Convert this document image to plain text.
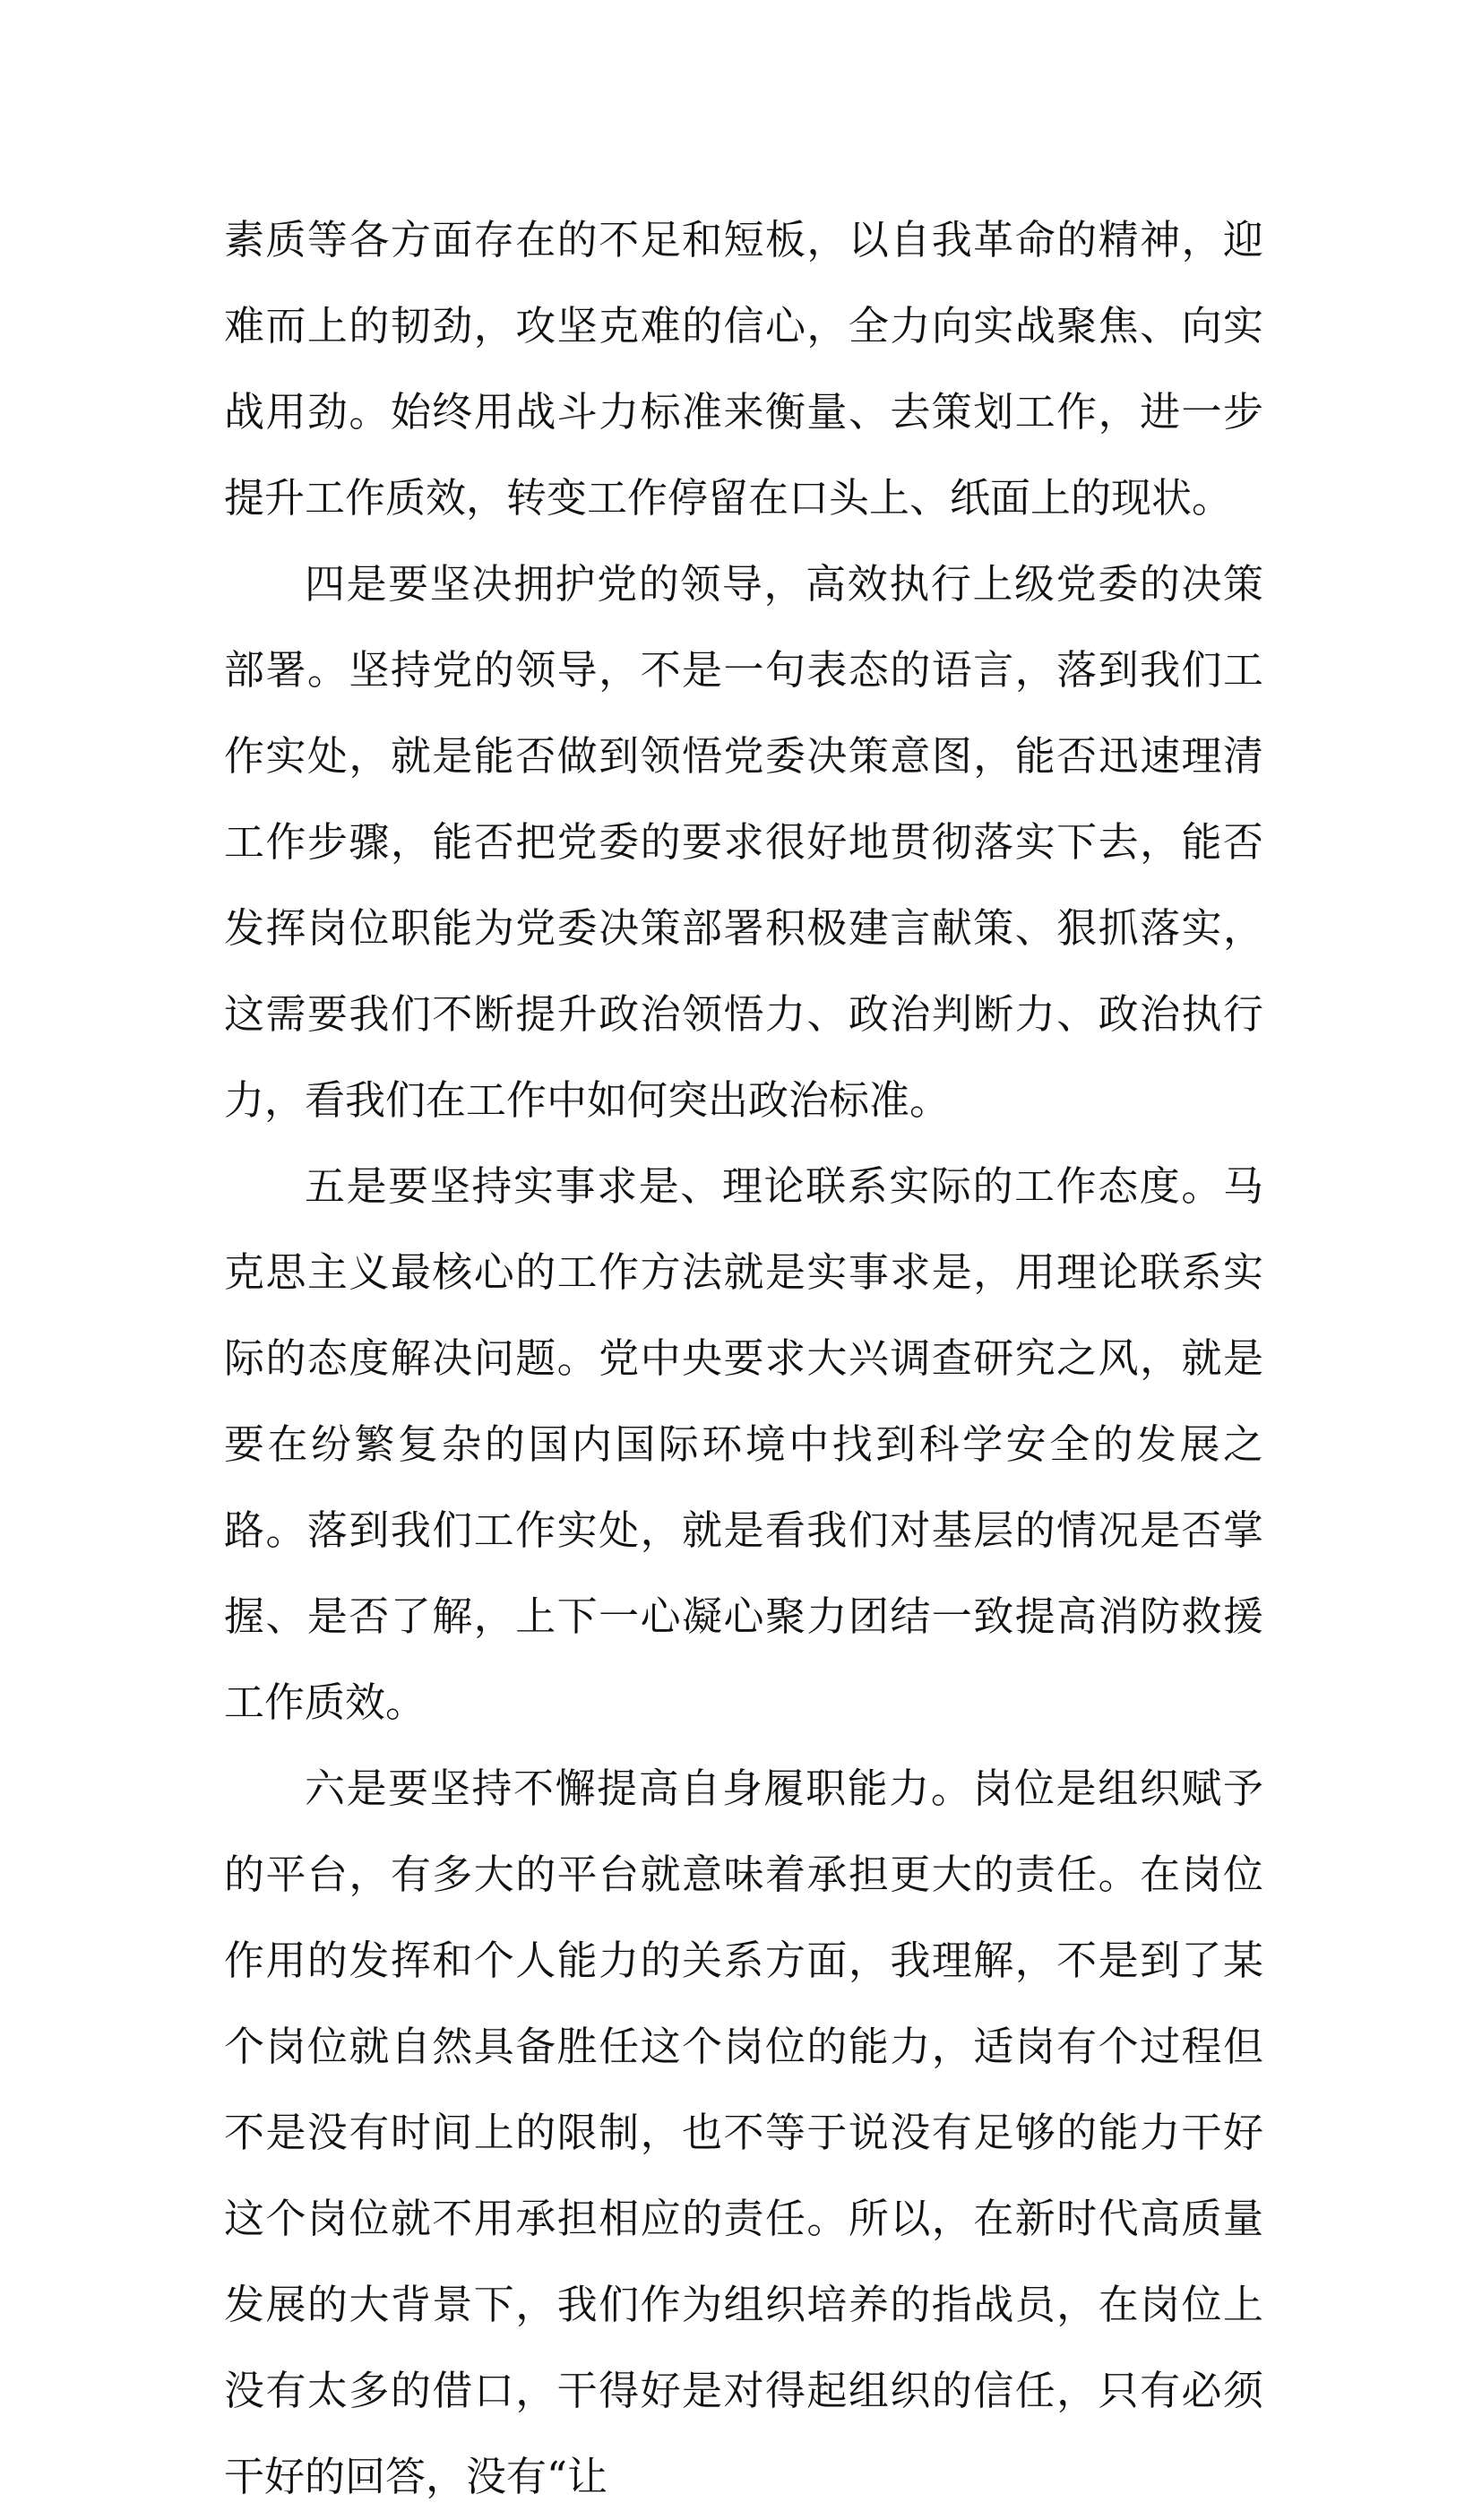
素质等各方面存在的不足和短板，以自我革命的精神，迎难而上的韧劲，攻坚克难的信心，全力向实战聚焦、向实战用劲。始终用战斗力标准来衡量、去策划工作，进一步提升工作质效，转变工作停留在口头上、纸面上的现状。

四是要坚决拥护党的领导，高效执行上级党委的决策部署。坚持党的领导，不是一句表态的语言，落到我们工作实处，就是能否做到领悟党委决策意图，能否迅速理清工作步骤，能否把党委的要求很好地贯彻落实下去，能否发挥岗位职能为党委决策部署积极建言献策、狠抓落实，这需要我们不断提升政治领悟力、政治判断力、政治执行力，看我们在工作中如何突出政治标准。

五是要坚持实事求是、理论联系实际的工作态度。马克思主义最核心的工作方法就是实事求是，用理论联系实际的态度解决问题。党中央要求大兴调查研究之风，就是要在纷繁复杂的国内国际环境中找到科学安全的发展之路。落到我们工作实处，就是看我们对基层的情况是否掌握、是否了解，上下一心凝心聚力团结一致提高消防救援工作质效。

六是要坚持不懈提高自身履职能力。岗位是组织赋予的平台，有多大的平台就意味着承担更大的责任。在岗位作用的发挥和个人能力的关系方面，我理解，不是到了某个岗位就自然具备胜任这个岗位的能力，适岗有个过程但不是没有时间上的限制，也不等于说没有足够的能力干好这个岗位就不用承担相应的责任。所以，在新时代高质量发展的大背景下，我们作为组织培养的指战员，在岗位上没有太多的借口，干得好是对得起组织的信任，只有必须干好的回答，没有“让
